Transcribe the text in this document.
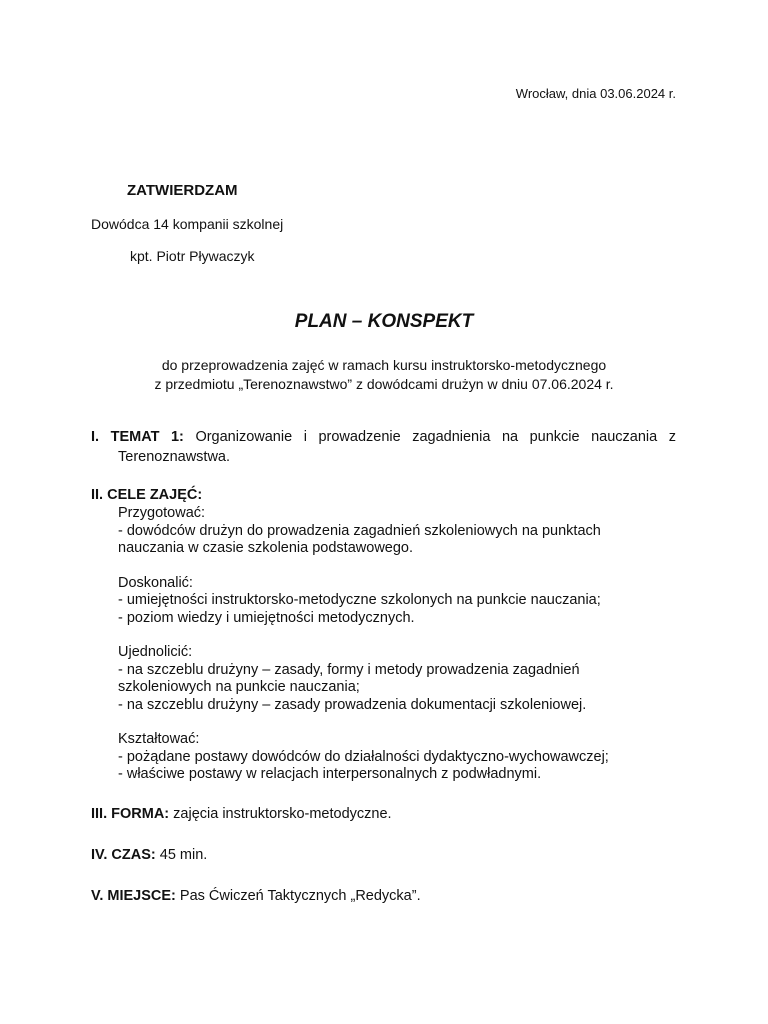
Wrocław, dnia 03.06.2024 r.
ZATWIERDZAM
Dowódca 14 kompanii szkolnej
kpt. Piotr Pływaczyk
PLAN – KONSPEKT
do przeprowadzenia zajęć w ramach kursu instruktorsko-metodycznego
z przedmiotu „Terenoznawstwo” z dowódcami drużyn w dniu 07.06.2024 r.
I. TEMAT 1: Organizowanie i prowadzenie zagadnienia na punkcie nauczania z
Terenoznawstwa.
II. CELE ZAJĘĆ:
Przygotować:
- dowódców drużyn do prowadzenia zagadnień szkoleniowych na punktach
nauczania w czasie szkolenia podstawowego.
Doskonalić:
- umiejętności instruktorsko-metodyczne szkolonych na punkcie nauczania;
- poziom wiedzy i umiejętności metodycznych.
Ujednolicić:
- na szczeblu drużyny – zasady, formy i metody prowadzenia zagadnień
szkoleniowych na punkcie nauczania;
- na szczeblu drużyny – zasady prowadzenia dokumentacji szkoleniowej.
Kształtować:
- pożądane postawy dowódców do działalności dydaktyczno-wychowawczej;
- właściwe postawy w relacjach interpersonalnych z podwładnymi.
III. FORMA: zajęcia instruktorsko-metodyczne.
IV. CZAS: 45 min.
V. MIEJSCE: Pas Ćwiczeń Taktycznych „Redycka”.
